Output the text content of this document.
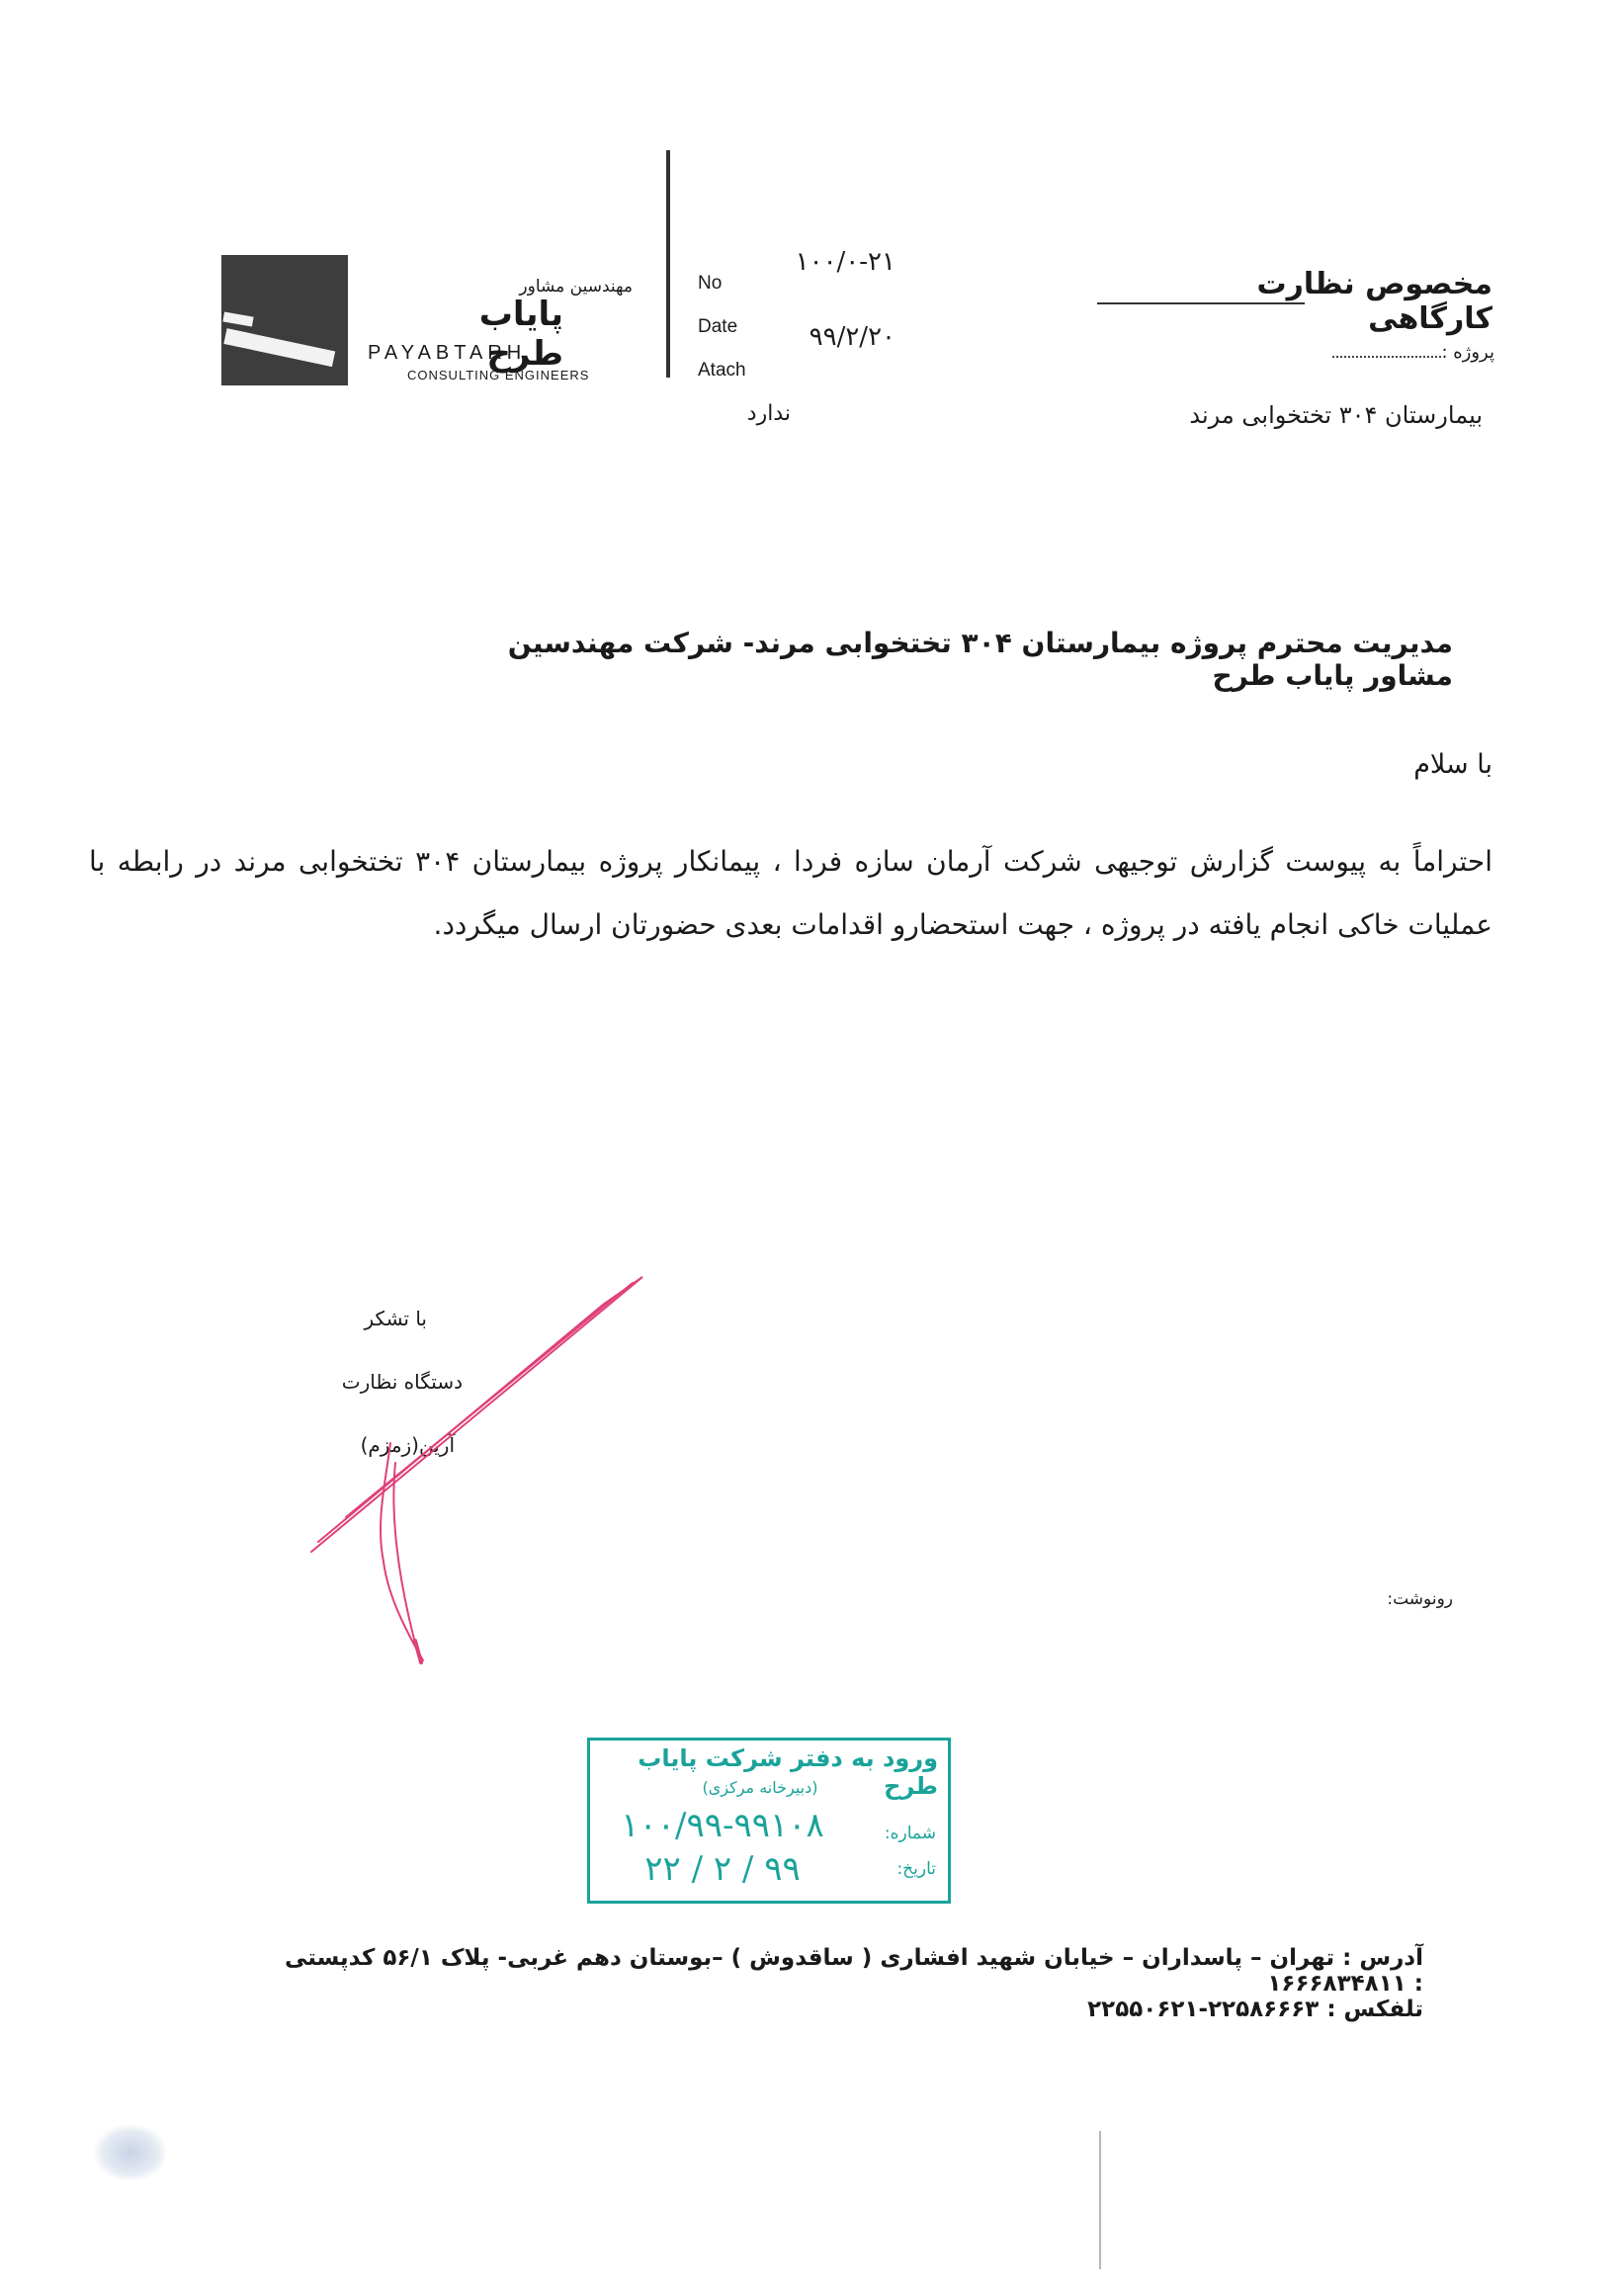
مهندسین مشاور
پایاب طرح
PAYABTARH
CONSULTING ENGINEERS
No
Date
Atach
۱۰۰/۰-۲۱
۹۹/۲/۲۰
ندارد
مخصوص نظارت کارگاهی
پروژه :
بیمارستان ۳۰۴ تختخوابی مرند
مدیریت محترم پروژه بیمارستان ۳۰۴ تختخوابی مرند- شرکت مهندسین مشاور پایاب طرح
با سلام
احتراماً به پیوست گزارش توجیهی شرکت آرمان سازه فردا ، پیمانکار پروژه بیمارستان ۳۰۴ تختخوابی مرند در رابطه با عملیات خاکی انجام یافته در پروژه ، جهت استحضارو اقدامات بعدی حضورتان ارسال میگردد.
با تشکر
دستگاه نظارت
آرین(زمزم)
رونوشت:
ورود به دفتر شرکت پایاب طرح
(دبیرخانه مرکزی)
شماره:
تاریخ:
۱۰۰/۹۹-۹۹۱۰۸
۹۹ / ۲ / ۲۲
آدرس : تهران – پاسداران – خیابان شهید افشاری ( ساقدوش ) –بوستان دهم غربی- پلاک ۵۶/۱ کدپستی : ۱۶۶۶۸۳۴۸۱۱
تلفکس : ۲۲۵۸۶۶۶۳-۲۲۵۵۰۶۲۱
